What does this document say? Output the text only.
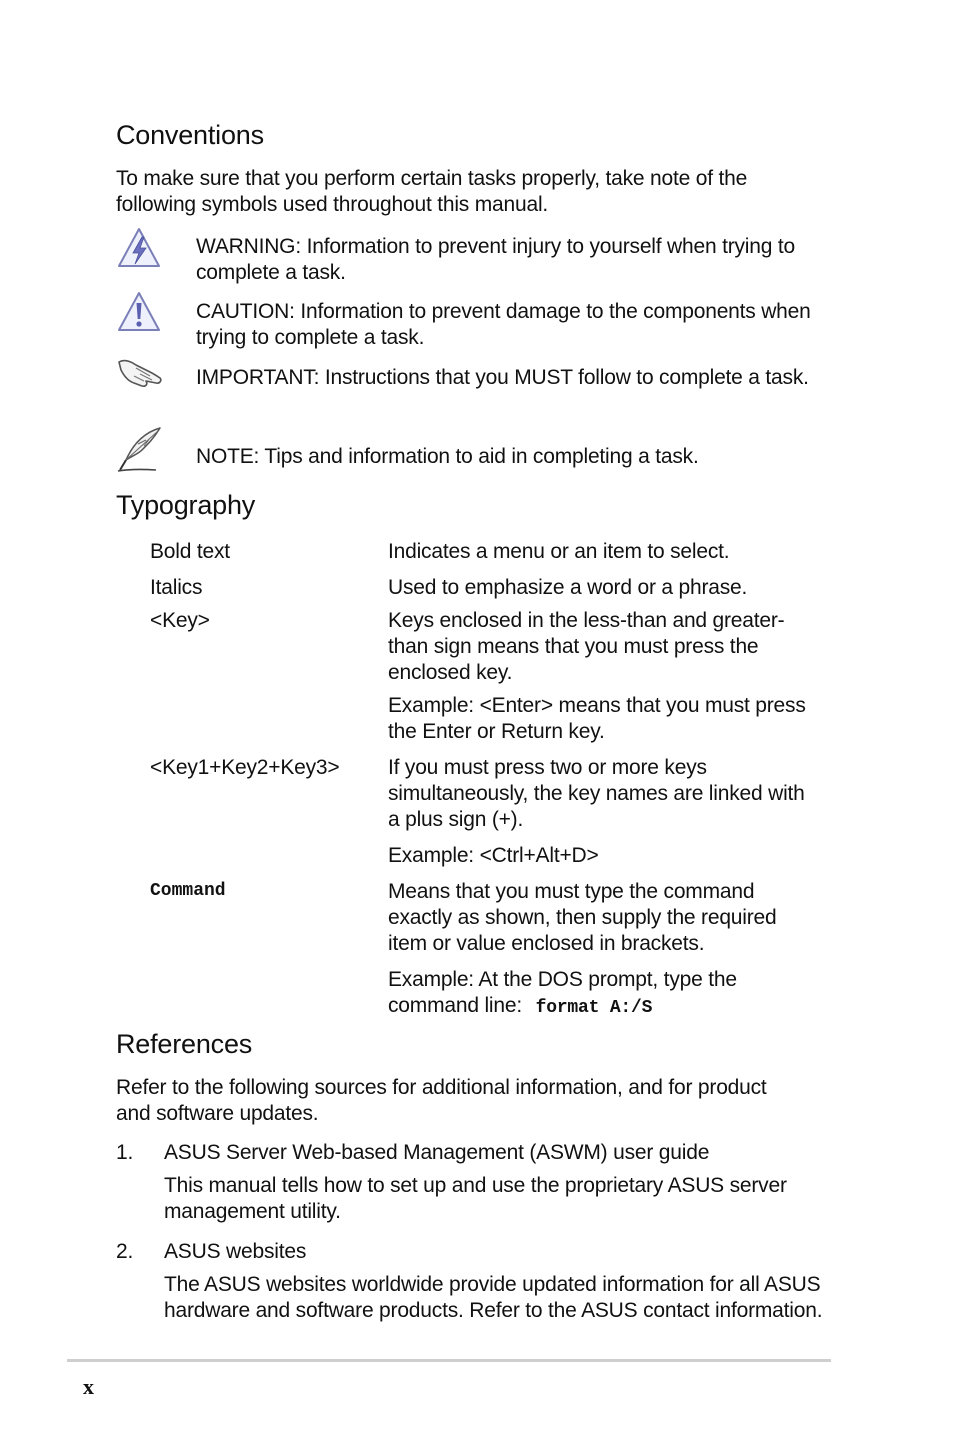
Conventions
To make sure that you perform certain tasks properly, take note of the
following symbols used throughout this manual.
WARNING: Information to prevent injury to yourself when trying to
complete a task.
CAUTION: Information to prevent damage to the components when
trying to complete a task.
IMPORTANT: Instructions that you MUST follow to complete a task.
NOTE: Tips and information to aid in completing a task.
Typography
Bold text	Indicates a menu or an item to select.
Italics	Used to emphasize a word or a phrase.
<Key>	Keys enclosed in the less-than and greater-
than sign means that you must press the
enclosed key.
Example: <Enter> means that you must press
the Enter or Return key.
<Key1+Key2+Key3> If you must press two or more keys
simultaneously, the key names are linked with
a plus sign (+).
Example: <Ctrl+Alt+D>
Command	Means that you must type the command
exactly as shown, then supply the required
item or value enclosed in brackets.
Example: At the DOS prompt, type the
command line: format A:/S
References
Refer to the following sources for additional information, and for product
and software updates.
1. ASUS Server Web-based Management (ASWM) user guide
This manual tells how to set up and use the proprietary ASUS server
management utility.
2. ASUS websites
The ASUS websites worldwide provide updated information for all ASUS
hardware and software products. Refer to the ASUS contact information.
x
